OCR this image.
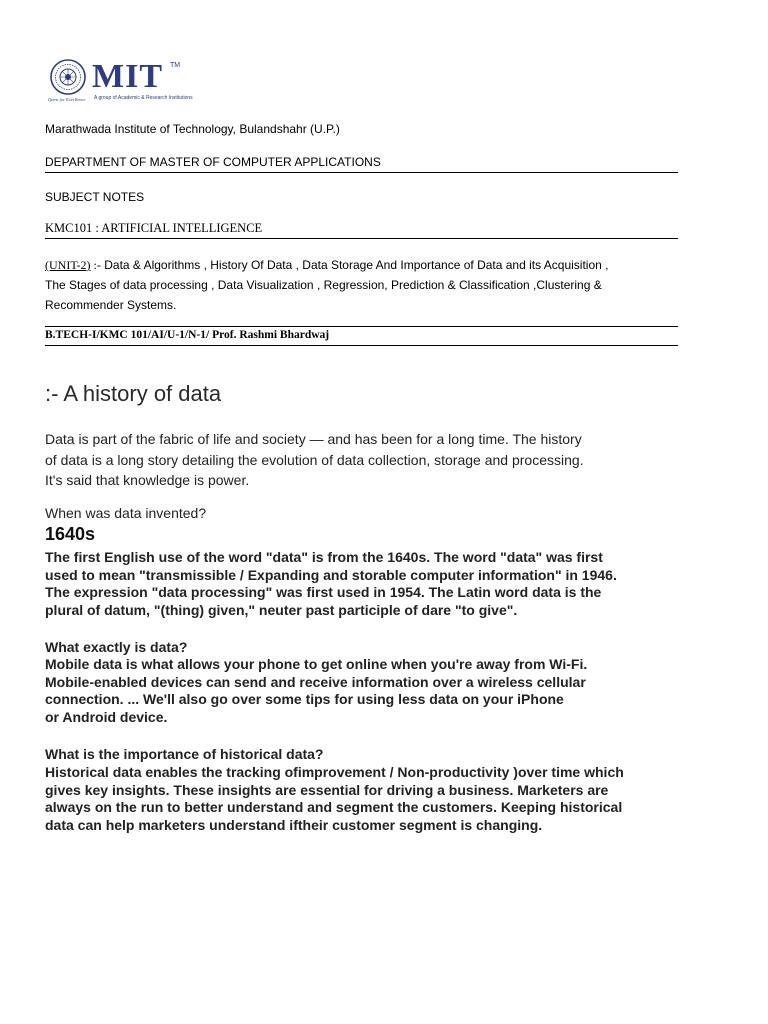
MIT TM
A group of Academic & Research Institutions
Quest for Excellence
Marathwada Institute of Technology, Bulandshahr (U.P.)
DEPARTMENT OF MASTER OF COMPUTER APPLICATIONS
SUBJECT NOTES
KMC101 : ARTIFICIAL INTELLIGENCE
(UNIT-2) :- Data & Algorithms , History Of Data , Data Storage And Importance of Data and its Acquisition ,
The Stages of data processing , Data Visualization , Regression, Prediction & Classification ,Clustering &
Recommender Systems.
B.TECH-I/KMC 101/AI/U-1/N-1/ Prof. Rashmi Bhardwaj
:- A history of data
Data is part of the fabric of life and society — and has been for a long time. The history
of data is a long story detailing the evolution of data collection, storage and processing.
It's said that knowledge is power.
When was data invented?
1640s
The first English use of the word "data" is from the 1640s. The word "data" was first
used to mean "transmissible / Expanding and storable computer information" in 1946.
The expression "data processing" was first used in 1954. The Latin word data is the
plural of datum, "(thing) given," neuter past participle of dare "to give".
What exactly is data?
Mobile data is what allows your phone to get online when you're away from Wi-Fi.
Mobile-enabled devices can send and receive information over a wireless cellular
connection. ... We'll also go over some tips for using less data on your iPhone
or Android device.
What is the importance of historical data?
Historical data enables the tracking ofimprovement / Non-productivity )over time which
gives key insights. These insights are essential for driving a business. Marketers are
always on the run to better understand and segment the customers. Keeping historical
data can help marketers understand iftheir customer segment is changing.
